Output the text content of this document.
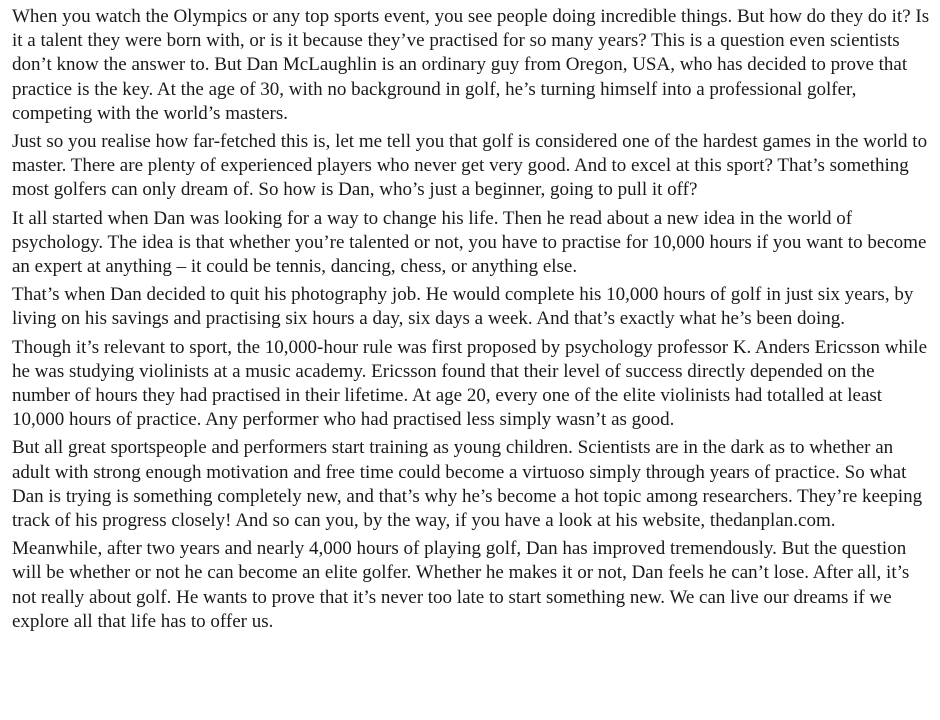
When you watch the Olympics or any top sports event, you see people doing incredible things. But how do they do it? Is it a talent they were born with, or is it because they’ve practised for so many years? This is a question even scientists don’t know the answer to. But Dan McLaughlin is an ordinary guy from Oregon, USA, who has decided to prove that practice is the key. At the age of 30, with no background in golf, he’s turning himself into a professional golfer, competing with the world’s masters.

Just so you realise how far-fetched this is, let me tell you that golf is considered one of the hardest games in the world to master. There are plenty of experienced players who never get very good. And to excel at this sport? That’s something most golfers can only dream of. So how is Dan, who’s just a beginner, going to pull it off?

It all started when Dan was looking for a way to change his life. Then he read about a new idea in the world of psychology. The idea is that whether you’re talented or not, you have to practise for 10,000 hours if you want to become an expert at anything – it could be tennis, dancing, chess, or anything else.

That’s when Dan decided to quit his photography job. He would complete his 10,000 hours of golf in just six years, by living on his savings and practising six hours a day, six days a week. And that’s exactly what he’s been doing.

Though it’s relevant to sport, the 10,000-hour rule was first proposed by psychology professor K. Anders Ericsson while he was studying violinists at a music academy. Ericsson found that their level of success directly depended on the number of hours they had practised in their lifetime. At age 20, every one of the elite violinists had totalled at least 10,000 hours of practice. Any performer who had practised less simply wasn’t as good.

But all great sportspeople and performers start training as young children. Scientists are in the dark as to whether an adult with strong enough motivation and free time could become a virtuoso simply through years of practice. So what Dan is trying is something completely new, and that’s why he’s become a hot topic among researchers. They’re keeping track of his progress closely! And so can you, by the way, if you have a look at his website, thedanplan.com.

Meanwhile, after two years and nearly 4,000 hours of playing golf, Dan has improved tremendously. But the question will be whether or not he can become an elite golfer. Whether he makes it or not, Dan feels he can’t lose. After all, it’s not really about golf. He wants to prove that it’s never too late to start something new. We can live our dreams if we explore all that life has to offer us.
